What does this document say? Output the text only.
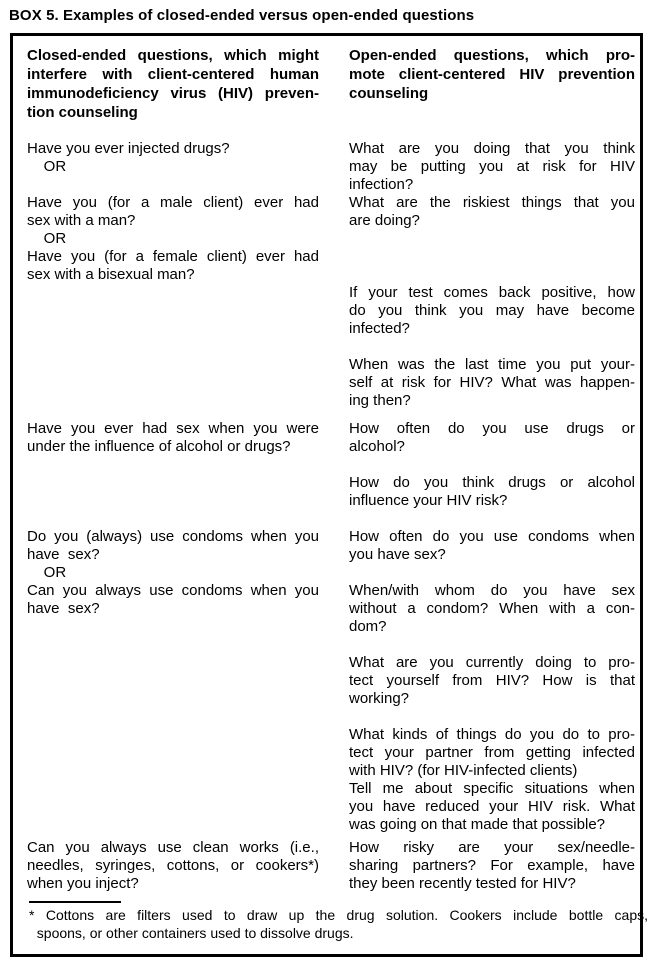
BOX 5. Examples of closed-ended versus open-ended questions
Closed-ended questions, which might
interfere with client-centered human
immunodeficiency virus (HIV) preven-
tion counseling
Open-ended questions, which pro-
mote client-centered HIV prevention
counseling
Have you ever injected drugs?
OR
Have you (for a male client) ever had
sex with a man?
OR
Have you (for a female client) ever had
sex with a bisexual man?
What are you doing that you think
may be putting you at risk for HIV
infection?
What are the riskiest things that you
are doing?
If your test comes back positive, how
do you think you may have become
infected?
When was the last time you put your-
self at risk for HIV? What was happen-
ing then?
Have you ever had sex when you were
under the influence of alcohol or drugs?
How often do you use drugs or
alcohol?
How do you think drugs or alcohol
influence your HIV risk?
Do you (always) use condoms when you
have  sex?
OR
Can you always use condoms when you
have  sex?
How often do you use condoms when
you have sex?
When/with whom do you have sex
without a condom? When with a con-
dom?
What are you currently doing to pro-
tect yourself from HIV? How is that
working?
What kinds of things do you do to pro-
tect your partner from getting infected
with HIV? (for HIV-infected clients)
Tell me about specific situations when
you have reduced your HIV risk. What
was going on that made that possible?
Can you always use clean works (i.e.,
needles, syringes, cottons, or cookers*)
when you inject?
How risky are your sex/needle-
sharing partners? For example, have
they been recently tested for HIV?
* Cottons are filters used to draw up the drug solution. Cookers include bottle caps,
spoons, or other containers used to dissolve drugs.
